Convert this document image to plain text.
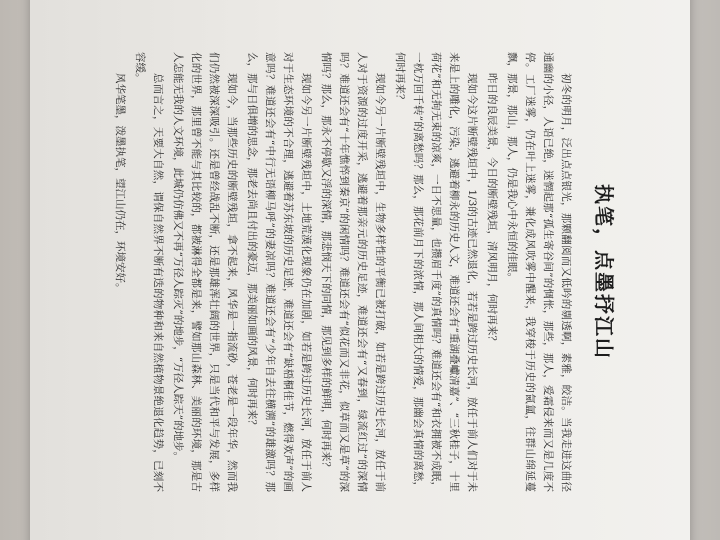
执笔，点墨抒江山

初冬的明月，泛出点点银光，那颗翻阅而又低吟的剔透啊，素雅，皎洁。当我走进这曲径通幽的小径，人语已绝，迷惘起那“孤生寄谷间”的惆怅，那些，那人，爱霜侵来而又是几度不停。工厂迷雾，仍在叶上迷雾，兼化成风吹雾中醒来，我穿梭于历史的氤氲，往群山绵延蔓飘，那景，那山，那人，仍是我心中永恒的佳眼。

昨日的良辰美景，今日的断壁残垣，清风明月，何时再来？

现如今这片断壁残垣中，1/3的古迹已然退化，若若是跨过历史长河，放任于前人们对于未来是上的雕化，污染，逃避着柳永的历史人文，难道还会有“重湖叠巘清嘉”、“三秋桂子，十里荷花”和无拘无束的凉爽，一日不思量，也攒眉千度”的真情吗？难道还会有“和衣拥被不成眠，一枕万回千转”的离愁吗？那么，那花前月下的浓情，那人间相大的情爱，那幽会真情的离愁，何时再来？

现如今另一片断壁残垣中，生物多样性的平衡已被打破，如若是跨过历史长河，放任于前人对于资源的过度开采，逃避着那亲元的历史足迹，难道还会有“又春到，绿流红过”的深情吗？难道还会有“十年憔悴到秦京”的闲情吗？难道还会有“似花而又非花，似草而又是草”的深情吗？那么，那永不停歇又浮的深情，那悲悯天下的同情，那见到多样的鲜明，何时再来？

现如今另一片断壁残垣中，土地荒漠化现象仍在加剧，如若是跨过历史长河，放任于前人对于生态环境的不合理，逃避着苏东坡的历史足迹，难道还会有“缺梧桐佳节，燃得欢声”的画意吗？难道还会有“中行无语柳马呼”的妻凉吗？难道还会有“少年自去往横溯”的雄激吗？那么，那与日俱增的思念，那老去尚且付出的豪迈，那美丽如画的风景，何时再来？

现如今，当那些历史的断壁残垣，拿不起来，风华是一指流砂，苍老是一段年华，然而我们仍然被深深吸引。还是曾经战乱不断，还是那雄浑壮阔的世界，只是当代和平与发展，多样化的世界，那里曾不能与其比较的，都被淋得全都是来，譬如那山森林、美丽的环境，那是古人怎能无我的人文环境，此城仍仿佛又不再“万径人踪灭”的地步，“万径人踪天”的地步。

总而言之，天要大自然，谓保自然界不断有迭的物种和来自然植物景绝退化趋势，已刻不容缓。

风华笔墨，泼墨执笔，望江山仍在，环境安好。
